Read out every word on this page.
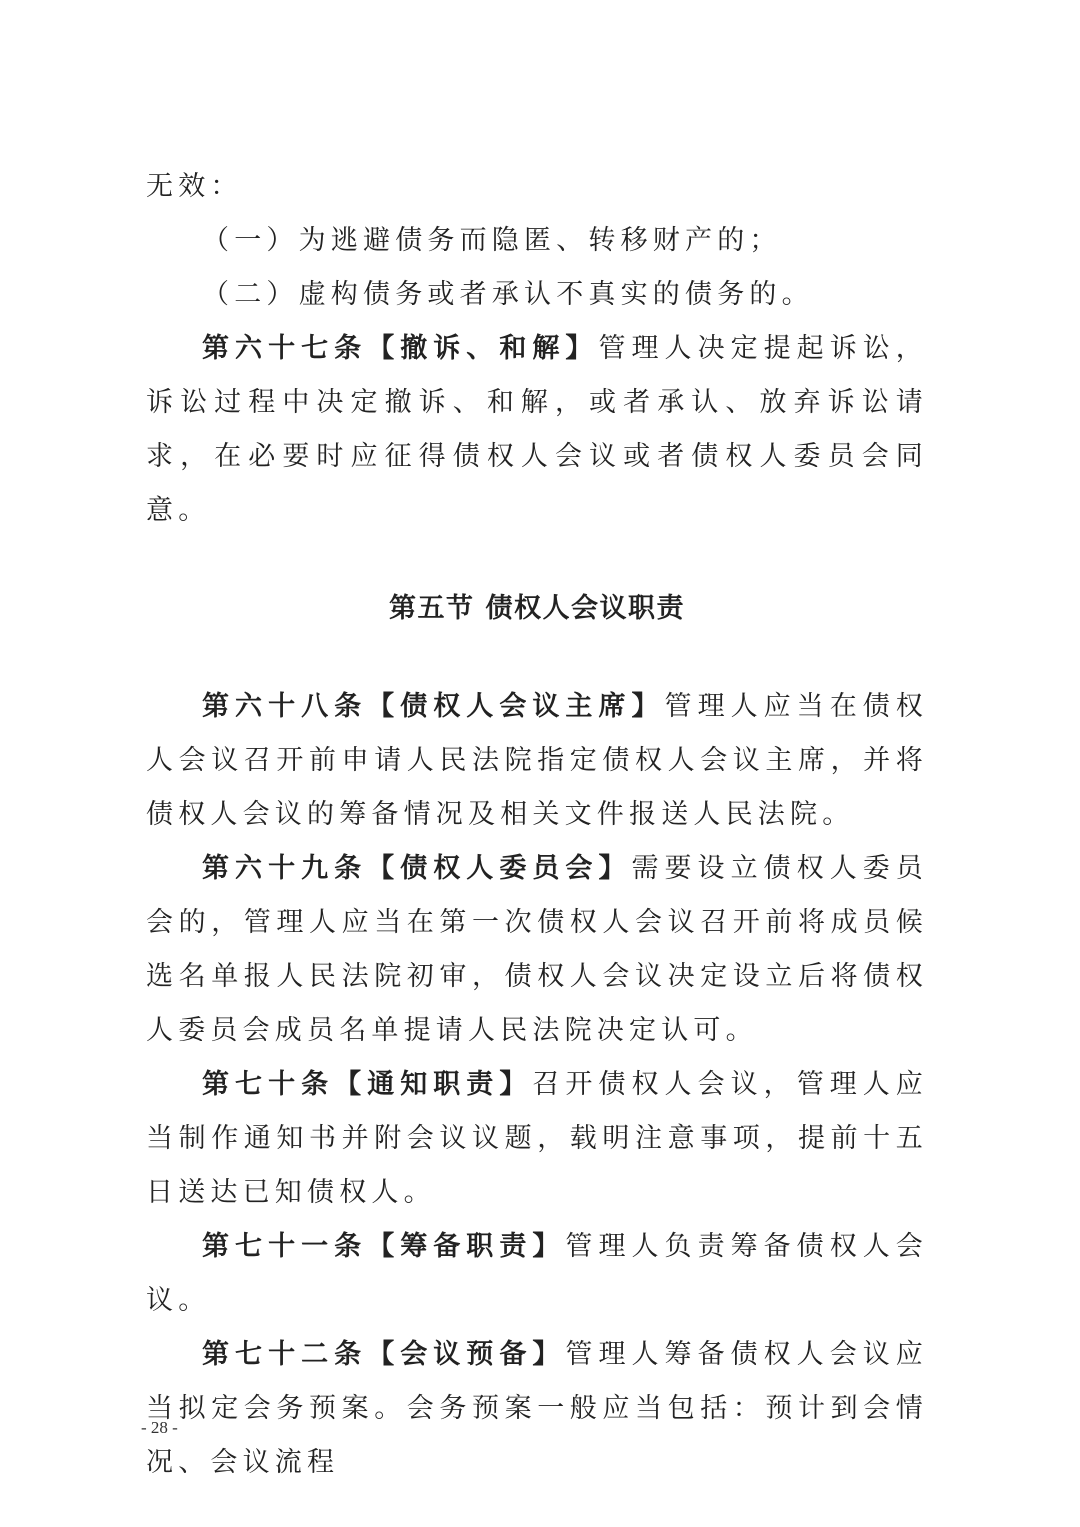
无效：

（一）为逃避债务而隐匿、转移财产的；

（二）虚构债务或者承认不真实的债务的。

第六十七条【撤诉、和解】管理人决定提起诉讼，诉讼过程中决定撤诉、和解，或者承认、放弃诉讼请求，在必要时应征得债权人会议或者债权人委员会同意。

第五节 债权人会议职责

第六十八条【债权人会议主席】管理人应当在债权人会议召开前申请人民法院指定债权人会议主席，并将债权人会议的筹备情况及相关文件报送人民法院。

第六十九条【债权人委员会】需要设立债权人委员会的，管理人应当在第一次债权人会议召开前将成员候选名单报人民法院初审，债权人会议决定设立后将债权人委员会成员名单提请人民法院决定认可。

第七十条【通知职责】召开债权人会议，管理人应当制作通知书并附会议议题，载明注意事项，提前十五日送达已知债权人。

第七十一条【筹备职责】管理人负责筹备债权人会议。

第七十二条【会议预备】管理人筹备债权人会议应当拟定会务预案。会务预案一般应当包括：预计到会情况、会议流程

- 28 -
